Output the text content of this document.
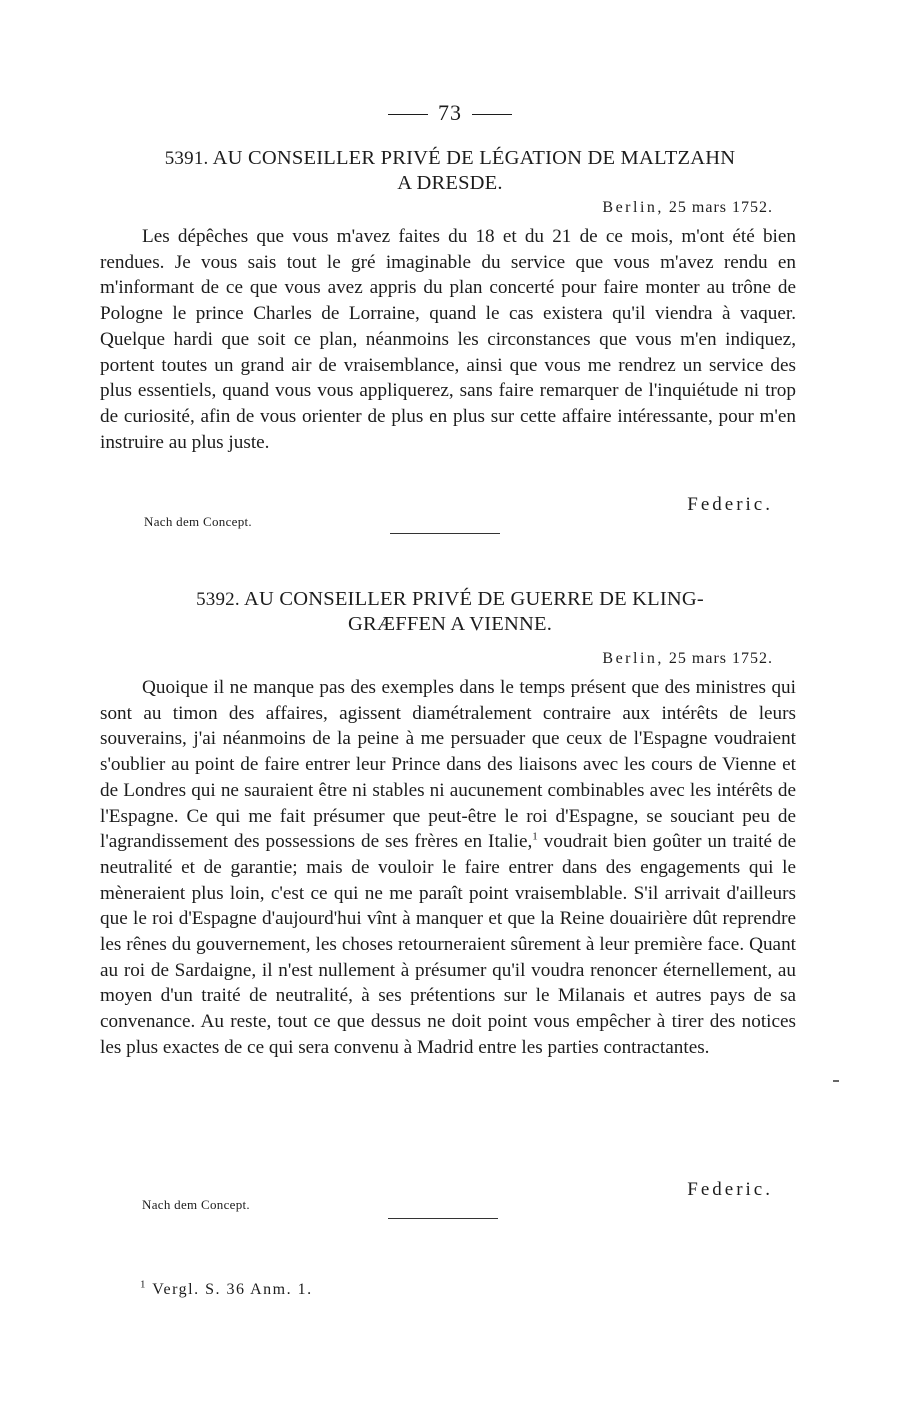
73
5391. AU CONSEILLER PRIVÉ DE LÉGATION DE MALTZAHN
A DRESDE.
Berlin, 25 mars 1752.

Les dépêches que vous m'avez faites du 18 et du 21 de ce mois, m'ont été bien rendues. Je vous sais tout le gré imaginable du service que vous m'avez rendu en m'informant de ce que vous avez appris du plan concerté pour faire monter au trône de Pologne le prince Charles de Lorraine, quand le cas existera qu'il viendra à vaquer. Quelque hardi que soit ce plan, néanmoins les circonstances que vous m'en indiquez, portent toutes un grand air de vraisemblance, ainsi que vous me rendrez un service des plus essentiels, quand vous vous appliquerez, sans faire remarquer de l'inquiétude ni trop de curiosité, afin de vous orienter de plus en plus sur cette affaire intéressante, pour m'en instruire au plus juste.

Federic.
Nach dem Concept.
5392. AU CONSEILLER PRIVÉ DE GUERRE DE KLING-
GRÆFFEN A VIENNE.
Berlin, 25 mars 1752.

Quoique il ne manque pas des exemples dans le temps présent que des ministres qui sont au timon des affaires, agissent diamétralement contraire aux intérêts de leurs souverains, j'ai néanmoins de la peine à me persuader que ceux de l'Espagne voudraient s'oublier au point de faire entrer leur Prince dans des liaisons avec les cours de Vienne et de Londres qui ne sauraient être ni stables ni aucunement combinables avec les intérêts de l'Espagne. Ce qui me fait présumer que peut-être le roi d'Espagne, se souciant peu de l'agrandissement des possessions de ses frères en Italie,$^1$ voudrait bien goûter un traité de neutralité et de garantie; mais de vouloir le faire entrer dans des engagements qui le mèneraient plus loin, c'est ce qui ne me paraît point vraisemblable. S'il arrivait d'ailleurs que le roi d'Espagne d'aujourd'hui vînt à manquer et que la Reine douairière dût reprendre les rênes du gouvernement, les choses retourneraient sûrement à leur première face. Quant au roi de Sardaigne, il n'est nullement à présumer qu'il voudra renoncer éternellement, au moyen d'un traité de neutralité, à ses prétentions sur le Milanais et autres pays de sa convenance. Au reste, tout ce que dessus ne doit point vous empêcher à tirer des notices les plus exactes de ce qui sera convenu à Madrid entre les parties contractantes.

Federic.
Nach dem Concept.
$^1$ Vergl. S. 36 Anm. 1.
